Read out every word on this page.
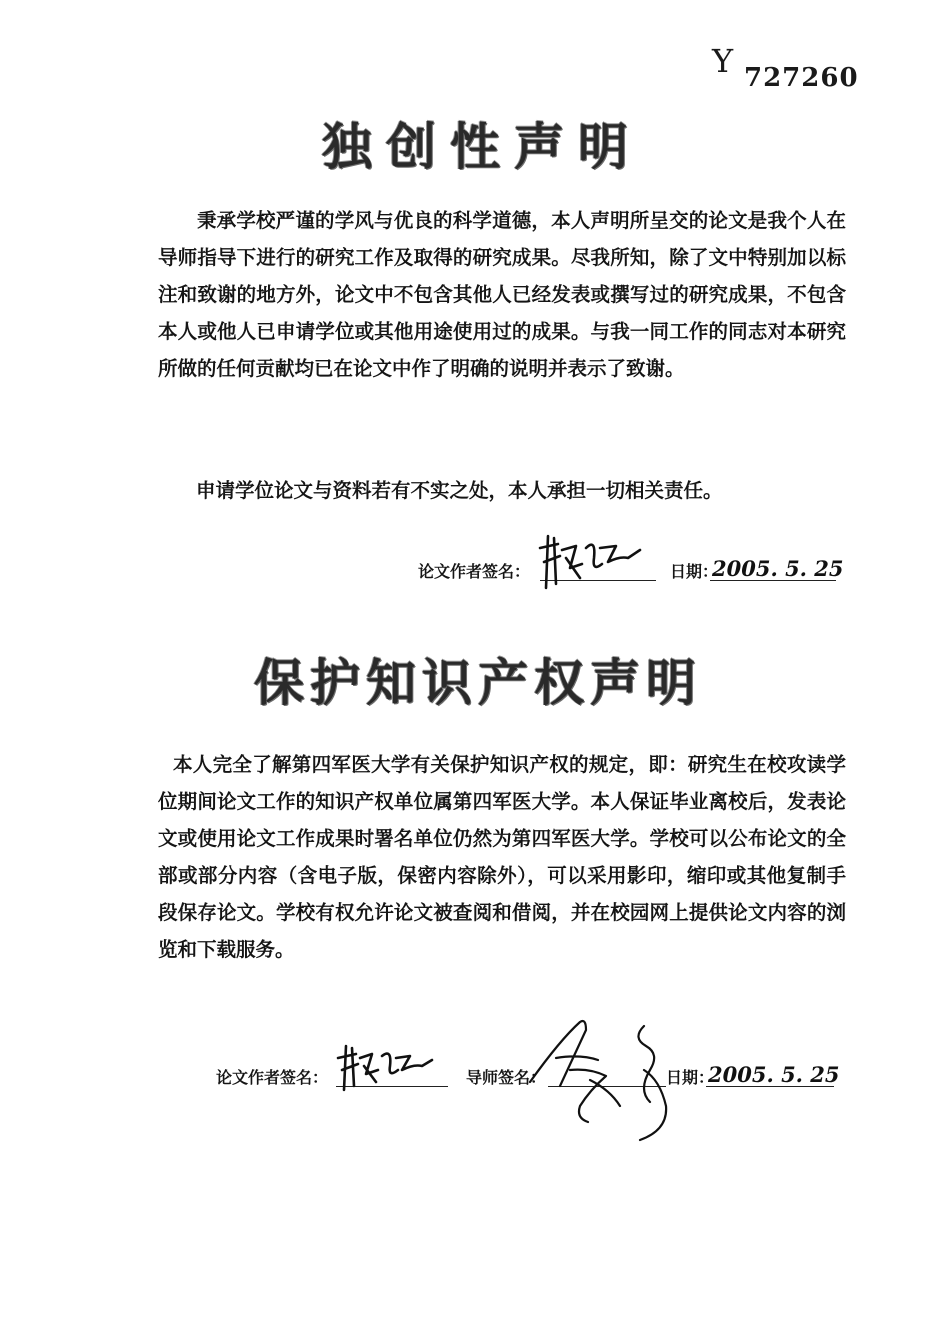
Y 727260
独创性声明
秉承学校严谨的学风与优良的科学道德，本人声明所呈交的论文是我个人在导师指导下进行的研究工作及取得的研究成果。尽我所知，除了文中特别加以标注和致谢的地方外，论文中不包含其他人已经发表或撰写过的研究成果，不包含本人或他人已申请学位或其他用途使用过的成果。与我一同工作的同志对本研究所做的任何贡献均已在论文中作了明确的说明并表示了致谢。
申请学位论文与资料若有不实之处，本人承担一切相关责任。
论文作者签名：	日期：
2005. 5. 25
保护知识产权声明
本人完全了解第四军医大学有关保护知识产权的规定，即：研究生在校攻读学位期间论文工作的知识产权单位属第四军医大学。本人保证毕业离校后，发表论文或使用论文工作成果时署名单位仍然为第四军医大学。学校可以公布论文的全部或部分内容（含电子版，保密内容除外），可以采用影印，缩印或其他复制手段保存论文。学校有权允许论文被查阅和借阅，并在校园网上提供论文内容的浏览和下载服务。
论文作者签名：	导师签名：	日期：
2005. 5. 25
